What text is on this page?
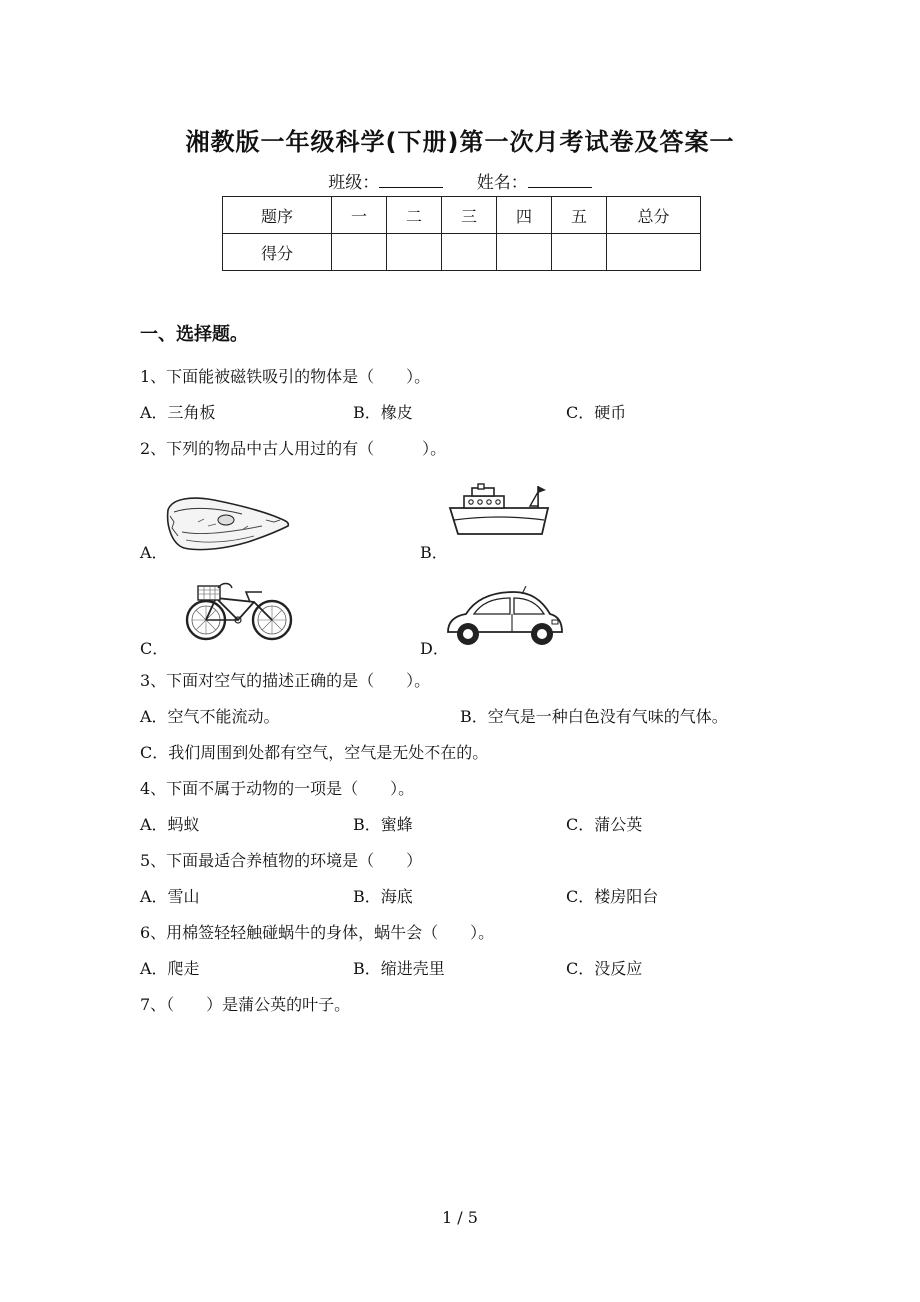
湘教版一年级科学(下册)第一次月考试卷及答案一
班级：	姓名：
题序	一	二	三	四	五	总分
得分						
一、选择题。
1、下面能被磁铁吸引的物体是（　　）。
A．三角板	B．橡皮	C．硬币
2、下列的物品中古人用过的有（　　　）。
A．	B．
C．	D．
3、下面对空气的描述正确的是（　　）。
A．空气不能流动。	B．空气是一种白色没有气味的气体。
C．我们周围到处都有空气，空气是无处不在的。
4、下面不属于动物的一项是（　　）。
A．蚂蚁	B．蜜蜂	C．蒲公英
5、下面最适合养植物的环境是（　　）
A．雪山	B．海底	C．楼房阳台
6、用棉签轻轻触碰蜗牛的身体，蜗牛会（　　）。
A．爬走	B．缩进壳里	C．没反应
7、（　　）是蒲公英的叶子。
1 / 5
